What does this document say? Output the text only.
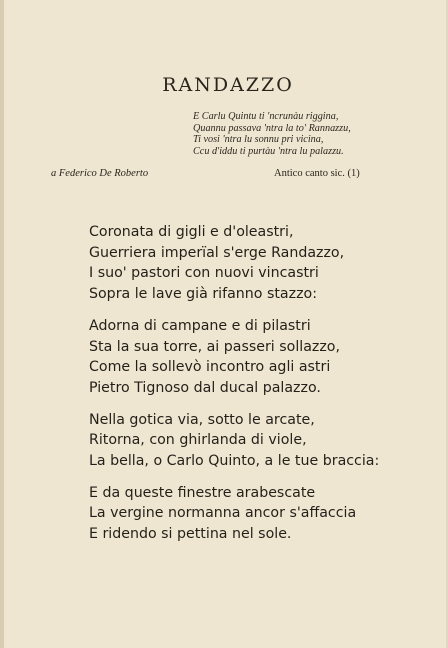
RANDAZZO
E Carlu Quintu ti 'ncrunàu riggina,
Quannu passava 'ntra la to' Rannazzu,
Ti vosi 'ntra lu sonnu pri vicina,
Ccu d'iddu ti purtàu 'ntra lu palazzu.
a Federico De Roberto	Antico canto sic. (1)
Coronata di gigli e d'oleastri,
Guerriera imperïal s'erge Randazzo,
I suo' pastori con nuovi vincastri
Sopra le lave già rifanno stazzo:
Adorna di campane e di pilastri
Sta la sua torre, ai passeri sollazzo,
Come la sollevò incontro agli astri
Pietro Tignoso dal ducal palazzo.
Nella gotica via, sotto le arcate,
Ritorna, con ghirlanda di viole,
La bella, o Carlo Quinto, a le tue braccia:
E da queste finestre arabescate
La vergine normanna ancor s'affaccia
E ridendo si pettina nel sole.
